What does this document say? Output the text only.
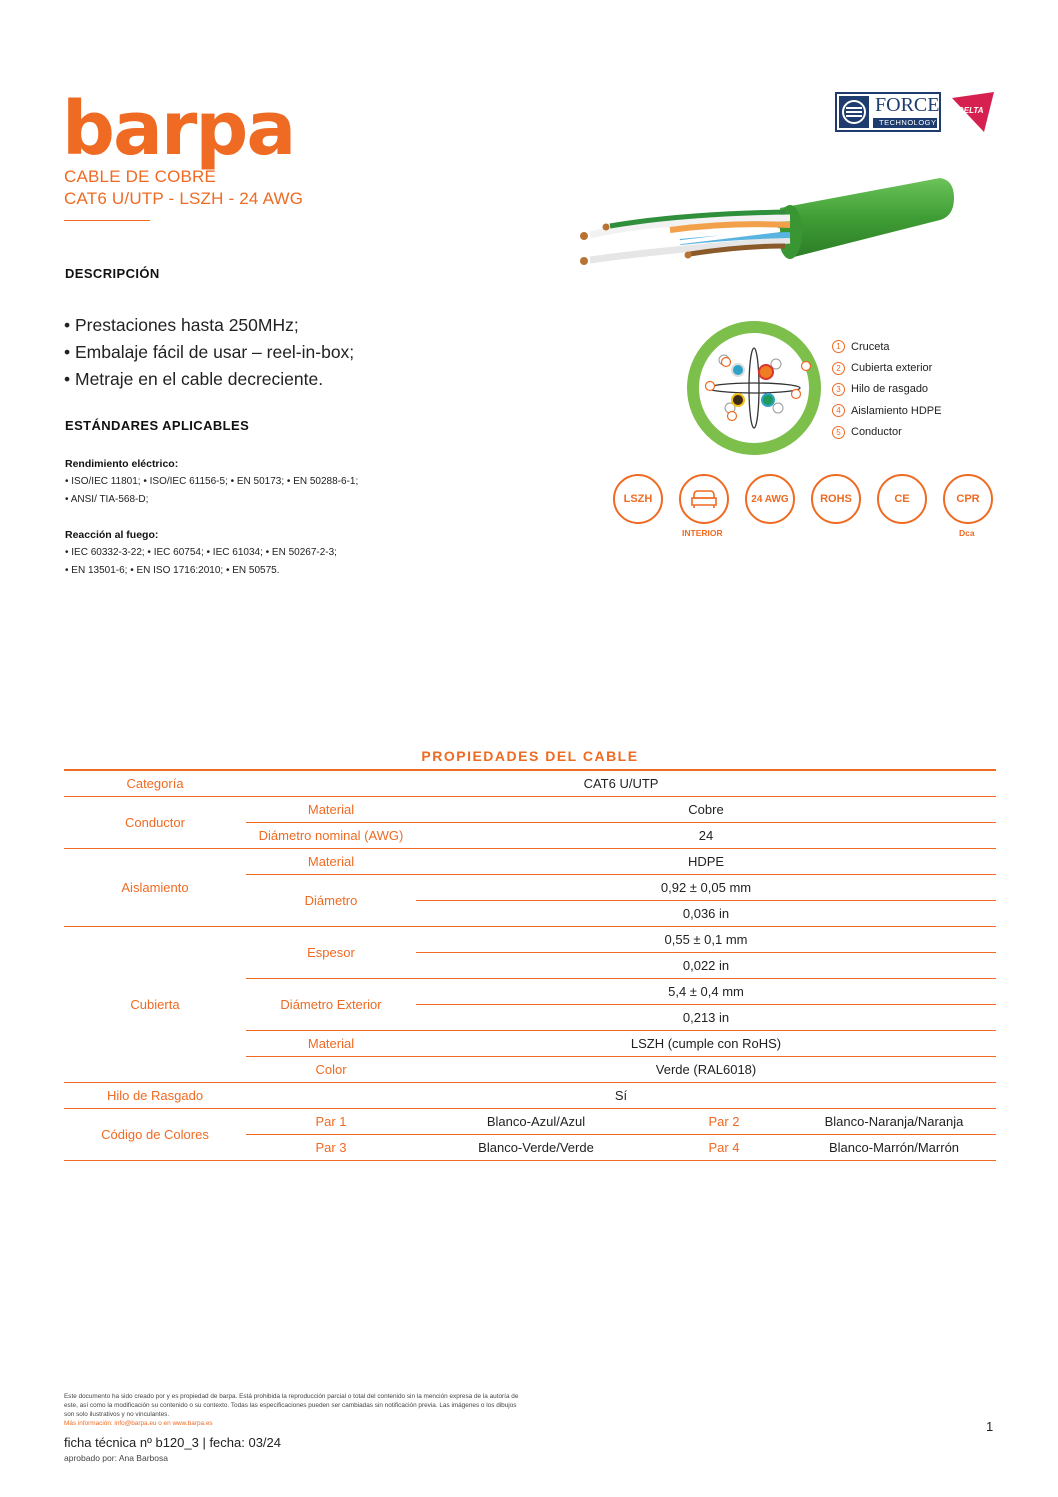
barpa
CABLE DE COBRE
CAT6 U/UTP - LSZH - 24 AWG
FORCE
TECHNOLOGY
DELTA
DESCRIPCIÓN
• Prestaciones hasta 250MHz;
• Embalaje fácil de usar – reel-in-box;
• Metraje en el cable decreciente.
ESTÁNDARES APLICABLES
Rendimiento eléctrico:
• ISO/IEC 11801; • ISO/IEC 61156-5; • EN 50173; • EN 50288-6-1;
• ANSI/ TIA-568-D;
Reacción al fuego:
• IEC 60332-3-22; • IEC 60754; • IEC 61034; • EN 50267-2-3;
• EN 13501-6; • EN ISO 1716:2010; • EN 50575.
1 Cruceta
2 Cubierta exterior
3 Hilo de rasgado
4 Aislamiento HDPE
5 Conductor
LSZH
INTERIOR
24 AWG	ROHS	CE	CPR
Dca
PROPIEDADES DEL CABLE
Categoría	CAT6 U/UTP			
Conductor	Material	Cobre		
	Diámetro nominal (AWG)	24		
Aislamiento	Material	HDPE		
	Diámetro	0,92 ± 0,05 mm		
		0,036 in		
Cubierta	Espesor	0,55 ± 0,1 mm		
		0,022 in		
	Diámetro Exterior	5,4 ± 0,4 mm		
		0,213 in		
	Material	LSZH (cumple con RoHS)		
	Color	Verde (RAL6018)		
Hilo de Rasgado	Sí			
Código de Colores	Par 1	Blanco-Azul/Azul	Par 2	Blanco-Naranja/Naranja
	Par 3	Blanco-Verde/Verde	Par 4	Blanco-Marrón/Marrón
Este documento ha sido creado por y es propiedad de barpa. Está prohibida la reproducción parcial o total del contenido sin la mención expresa de la autoría de este, así como la modificación su contenido o su contexto. Todas las especificaciones pueden ser cambiadas sin notificación previa. Las imágenes o los dibujos son solo ilustrativos y no vinculantes.
Más información: info@barpa.eu o en www.barpa.es
ficha técnica nº b120_3 | fecha: 03/24
aprobado por: Ana Barbosa
1
